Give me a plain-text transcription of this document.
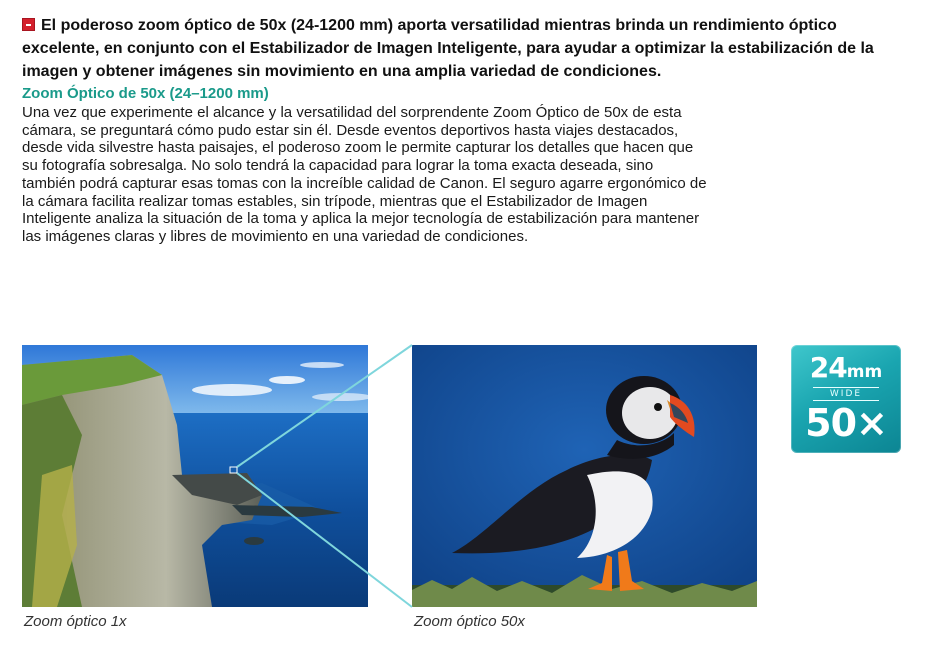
El poderoso zoom óptico de 50x (24-1200 mm) aporta versatilidad mientras brinda un rendimiento óptico excelente, en conjunto con el Estabilizador de Imagen Inteligente, para ayudar a optimizar la estabilización de la imagen y obtener imágenes sin movimiento en una amplia variedad de condiciones.

Zoom Óptico de 50x (24–1200 mm)

Una vez que experimente el alcance y la versatilidad del sorprendente Zoom Óptico de 50x de esta
cámara, se preguntará cómo pudo estar sin él. Desde eventos deportivos hasta viajes destacados,
desde vida silvestre hasta paisajes, el poderoso zoom le permite capturar los detalles que hacen que
su fotografía sobresalga. No solo tendrá la capacidad para lograr la toma exacta deseada, sino
también podrá capturar esas tomas con la increíble calidad de Canon. El seguro agarre ergonómico de
la cámara facilita realizar tomas estables, sin trípode, mientras que el Estabilizador de Imagen
Inteligente analiza la situación de la toma y aplica la mejor tecnología de estabilización para mantener
las imágenes claras y libres de movimiento en una variedad de condiciones.

24mm
WIDE
50×
Zoom óptico 1x	Zoom óptico 50x
